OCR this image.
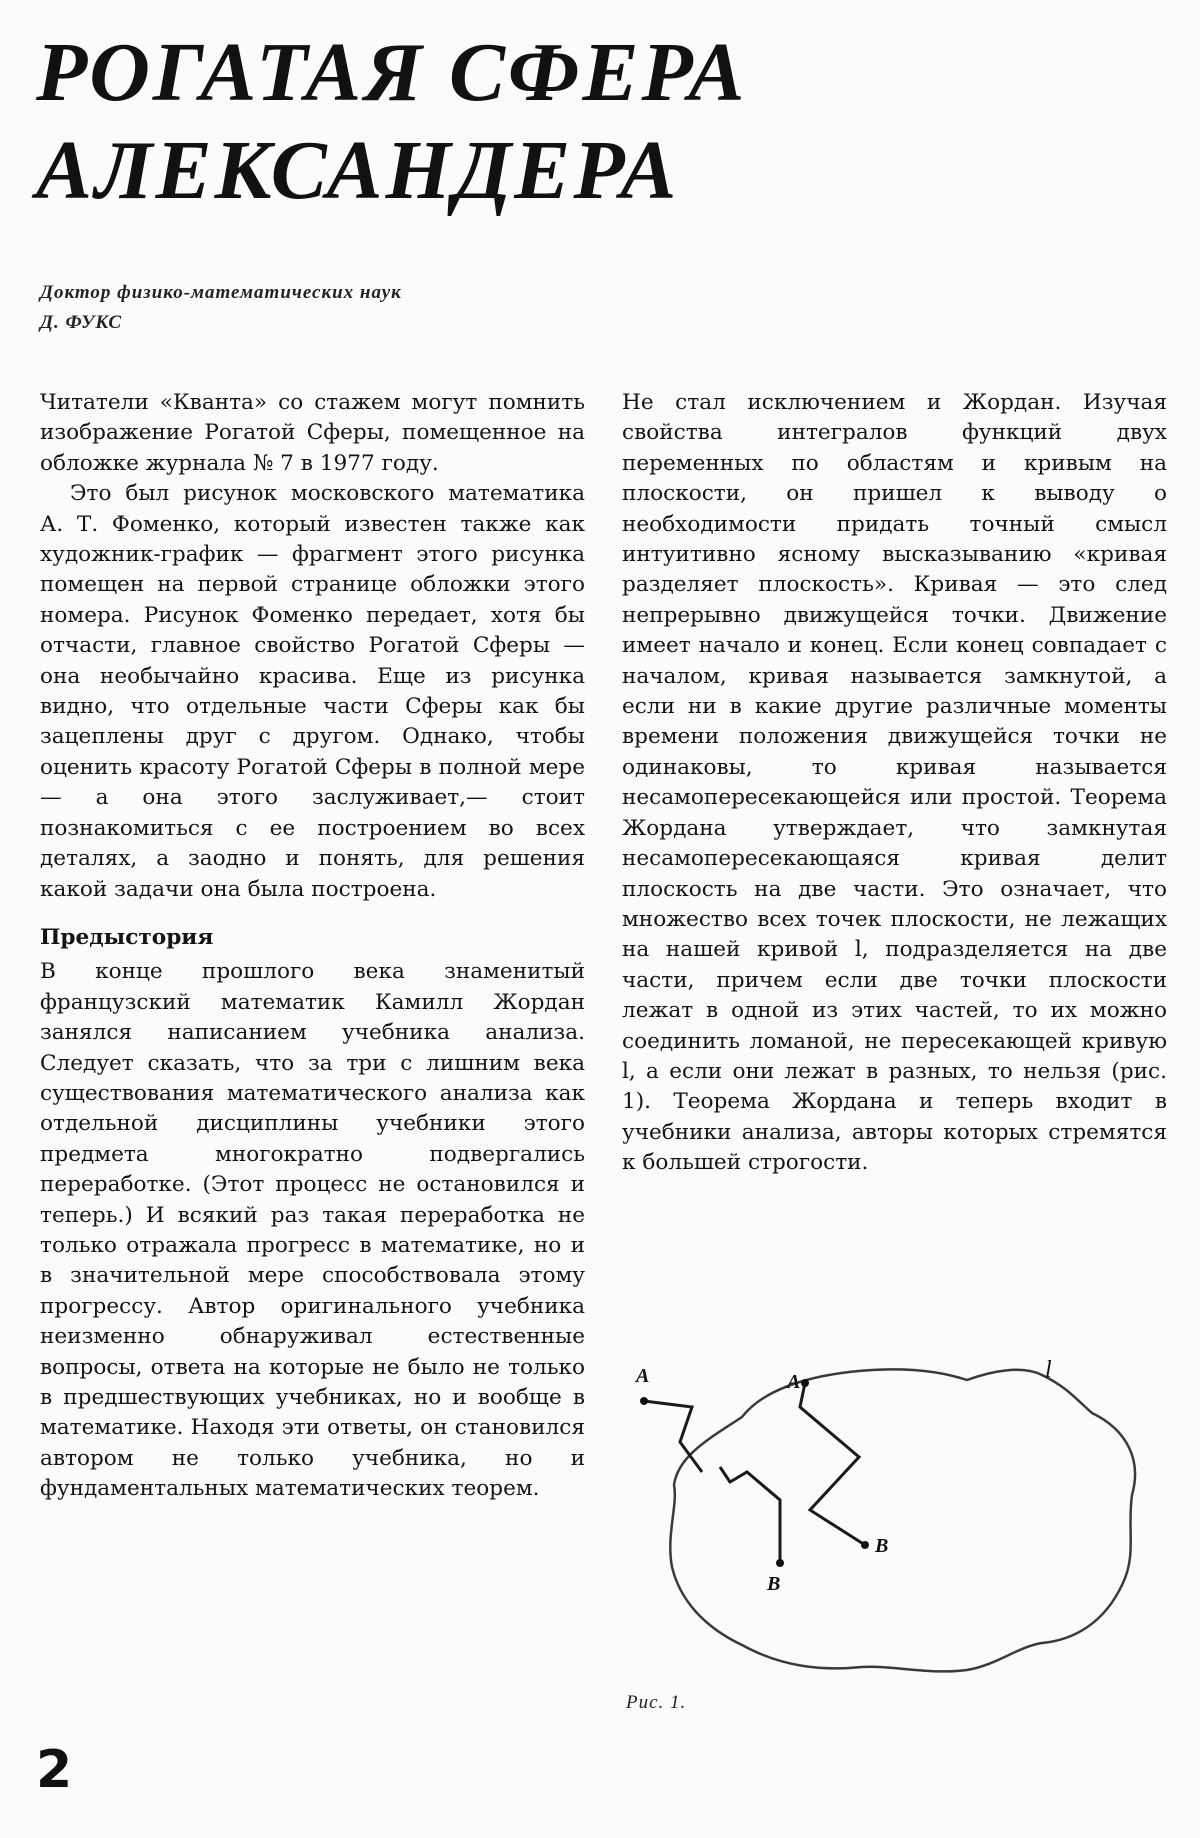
РОГАТАЯ СФЕРА
АЛЕКСАНДЕРА
Доктор физико-математических наук
Д. ФУКС

Читатели «Кванта» со стажем могут помнить изображение Рогатой Сферы, помещенное на обложке журнала № 7 в 1977 году.

Это был рисунок московского математика А. Т. Фоменко, который известен также как художник-график — фрагмент этого рисунка помещен на первой странице обложки этого номера. Рисунок Фоменко передает, хотя бы отчасти, главное свойство Рогатой Сферы — она необычайно красива. Еще из рисунка видно, что отдельные части Сферы как бы зацеплены друг с другом. Однако, чтобы оценить красоту Рогатой Сферы в полной мере — а она этого заслуживает,— стоит познакомиться с ее построением во всех деталях, а заодно и понять, для решения какой задачи она была построена.

Предыстория

В конце прошлого века знаменитый французский математик Камилл Жордан занялся написанием учебника анализа. Следует сказать, что за три с лишним века существования математического анализа как отдельной дисциплины учебники этого предмета многократно подвергались переработке. (Этот процесс не остановился и теперь.) И всякий раз такая переработка не только отражала прогресс в математике, но и в значительной мере способствовала этому прогрессу. Автор оригинального учебника неизменно обнаруживал естественные вопросы, ответа на которые не было не только в предшествующих учебниках, но и вообще в математике. Находя эти ответы, он становился автором не только учебника, но и фундаментальных математических теорем.

Не стал исключением и Жордан. Изучая свойства интегралов функций двух переменных по областям и кривым на плоскости, он пришел к выводу о необходимости придать точный смысл интуитивно ясному высказыванию «кривая разделяет плоскость». Кривая — это след непрерывно движущейся точки. Движение имеет начало и конец. Если конец совпадает с началом, кривая называется замкнутой, а если ни в какие другие различные моменты времени положения движущейся точки не одинаковы, то кривая называется несамопересекающейся или простой. Теорема Жордана утверждает, что замкнутая несамопересекающаяся кривая делит плоскость на две части. Это означает, что множество всех точек плоскости, не лежащих на нашей кривой l, подразделяется на две части, причем если две точки плоскости лежат в одной из этих частей, то их можно соединить ломаной, не пересекающей кривую l, а если они лежат в разных, то нельзя (рис. 1). Теорема Жордана и теперь входит в учебники анализа, авторы которых стремятся к большей строгости.

A
B
A
B
l
Рис. 1.
2
